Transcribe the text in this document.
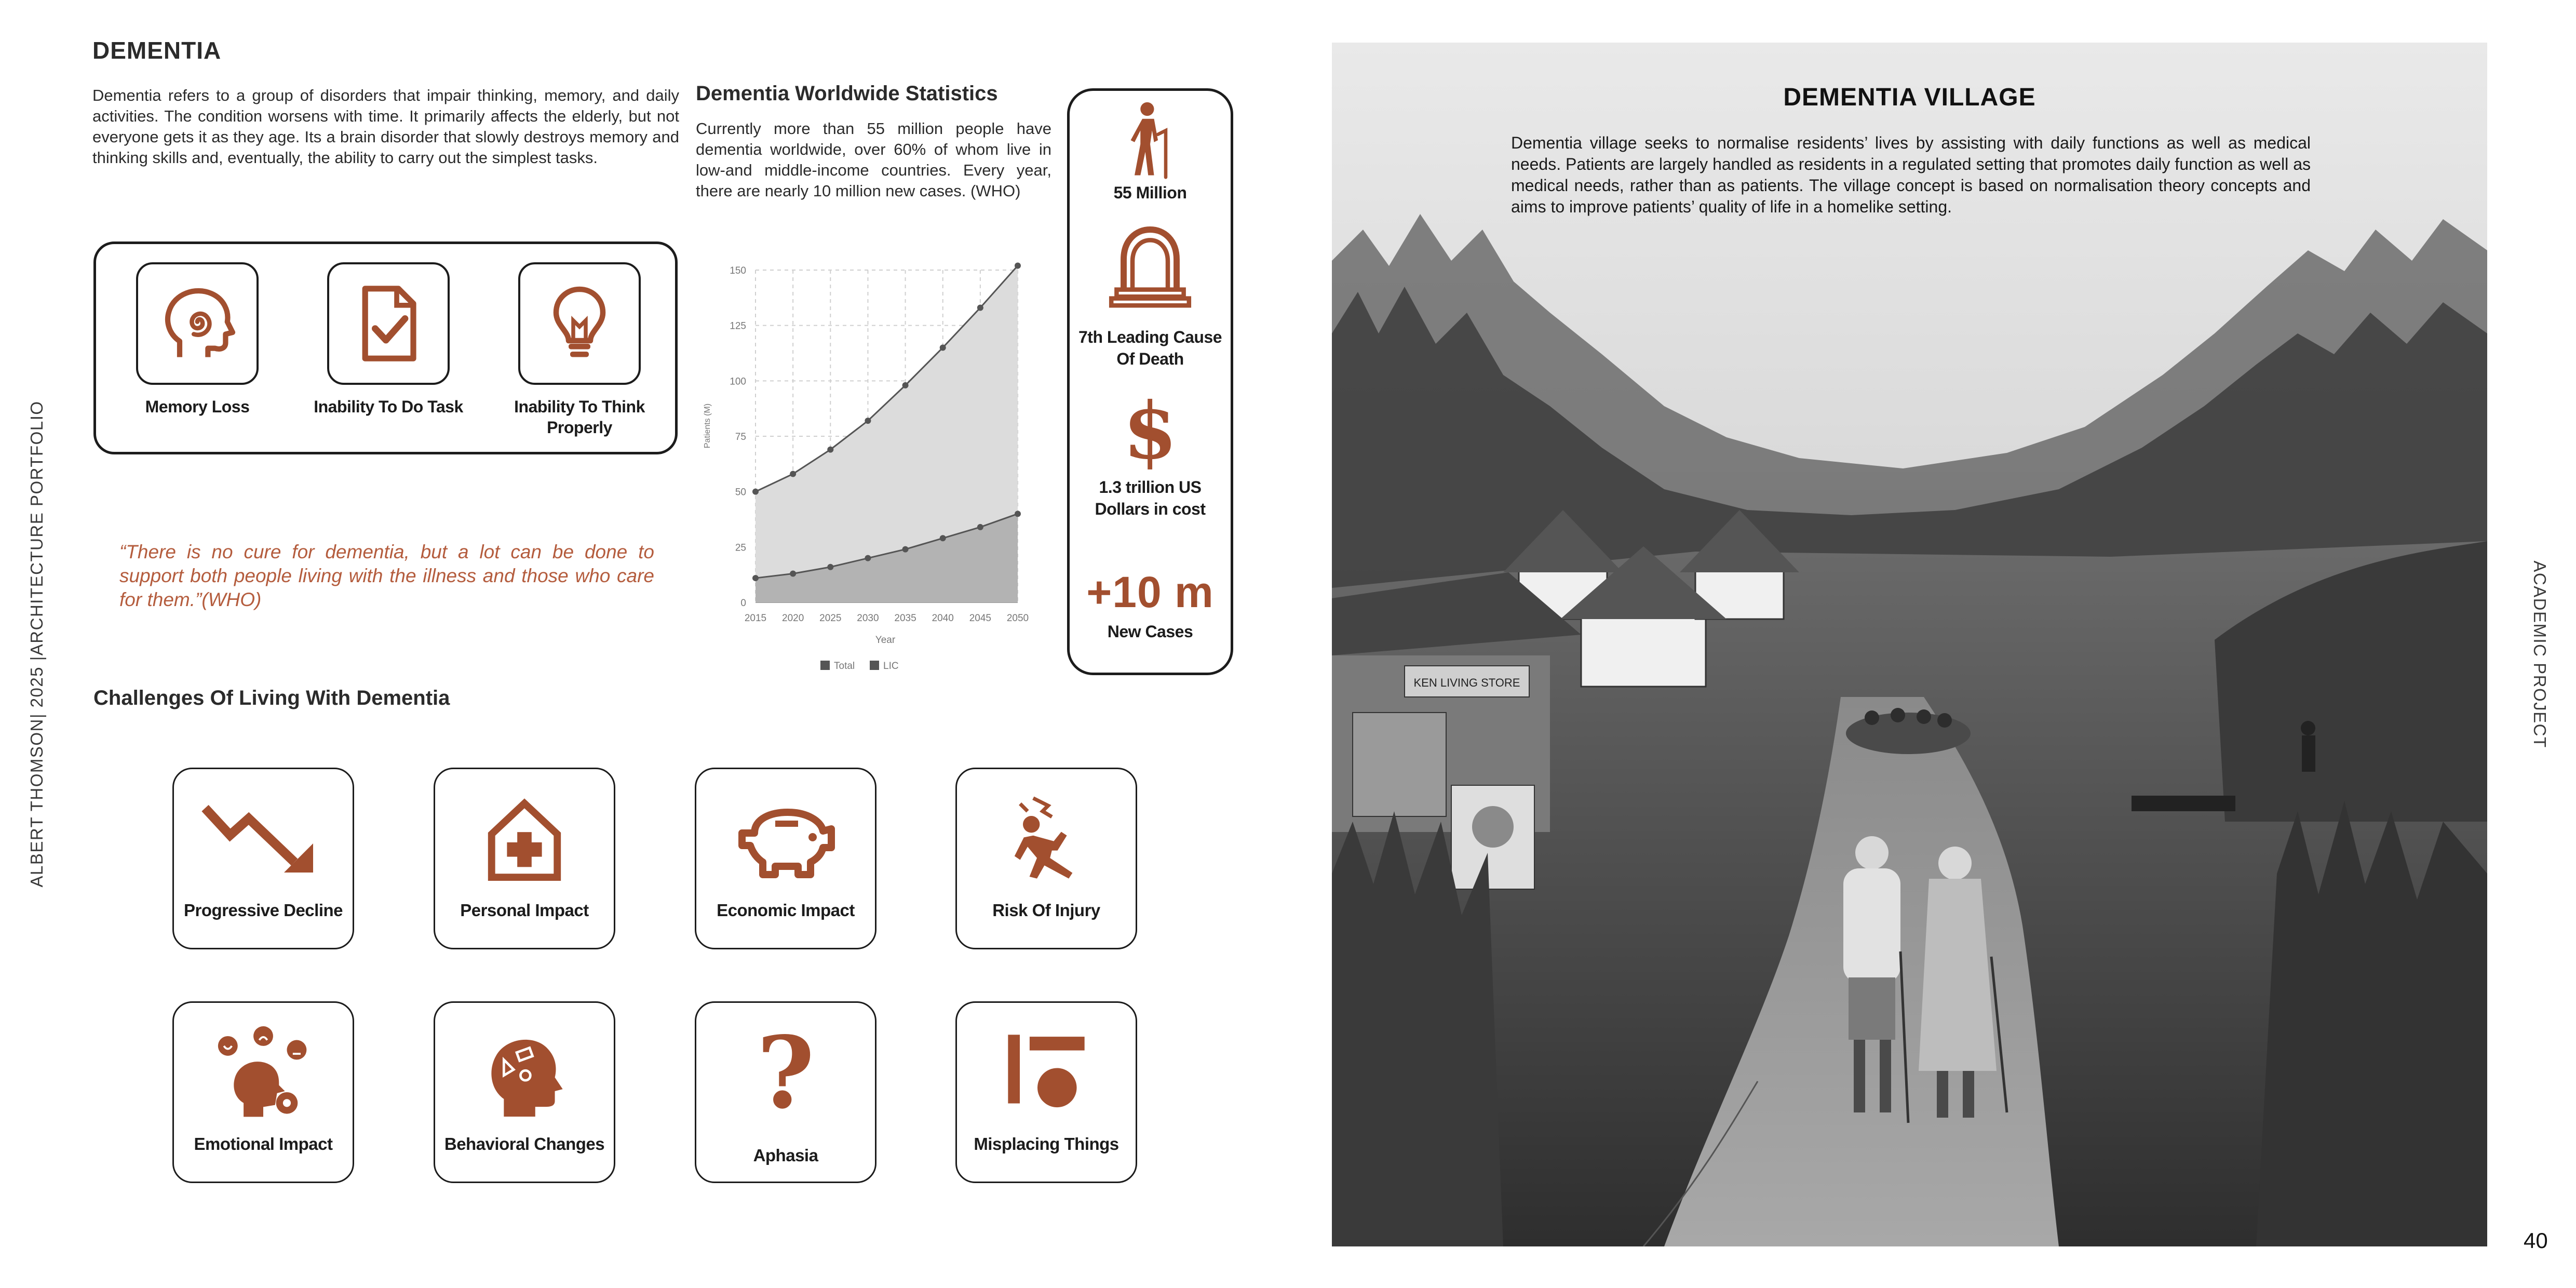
ALBERT THOMSON| 2025 |ARCHITECTURE PORTFOLIO	ACADEMIC PROJECT
DEMENTIA

Dementia refers to a group of disorders that impair thinking, memory, and daily activities. The condition worsens with time. It primarily affects the elderly, but not everyone gets it as they age. Its a brain disorder that slowly destroys memory and thinking skills and, eventually, the ability to carry out the simplest tasks.

Memory Loss	Inability To Do Task	Inability To Think Properly

“There is no cure for dementia, but a lot can be done to support both people living with the illness and those who care for them.”(WHO)

Dementia Worldwide Statistics

Currently more than 55 million people have dementia worldwide, over 60% of whom live in low-and middle-income countries. Every year, there are nearly 10 million new cases. (WHO)

0
25
50
75
100
125
150
2015 2020 2025 2030 2035 2040 2045 2050
Patients (M)
Year
Total	LIC
55 Million
7th Leading Cause Of Death
$
1.3 trillion US Dollars in cost
+10 m
New Cases
Challenges Of Living With Dementia
Progressive Decline	Personal Impact	Economic Impact	Risk Of Injury
Emotional Impact	Behavioral Changes
?
Aphasia
Misplacing Things
KEN LIVING STORE
DEMENTIA VILLAGE

Dementia village seeks to normalise residents’ lives by assisting with daily functions as well as medical needs. Patients are largely handled as residents in a regulated setting that promotes daily function as well as medical needs, rather than as patients. The village concept is based on normalisation theory concepts and aims to improve patients’ quality of life in a homelike setting.

40
